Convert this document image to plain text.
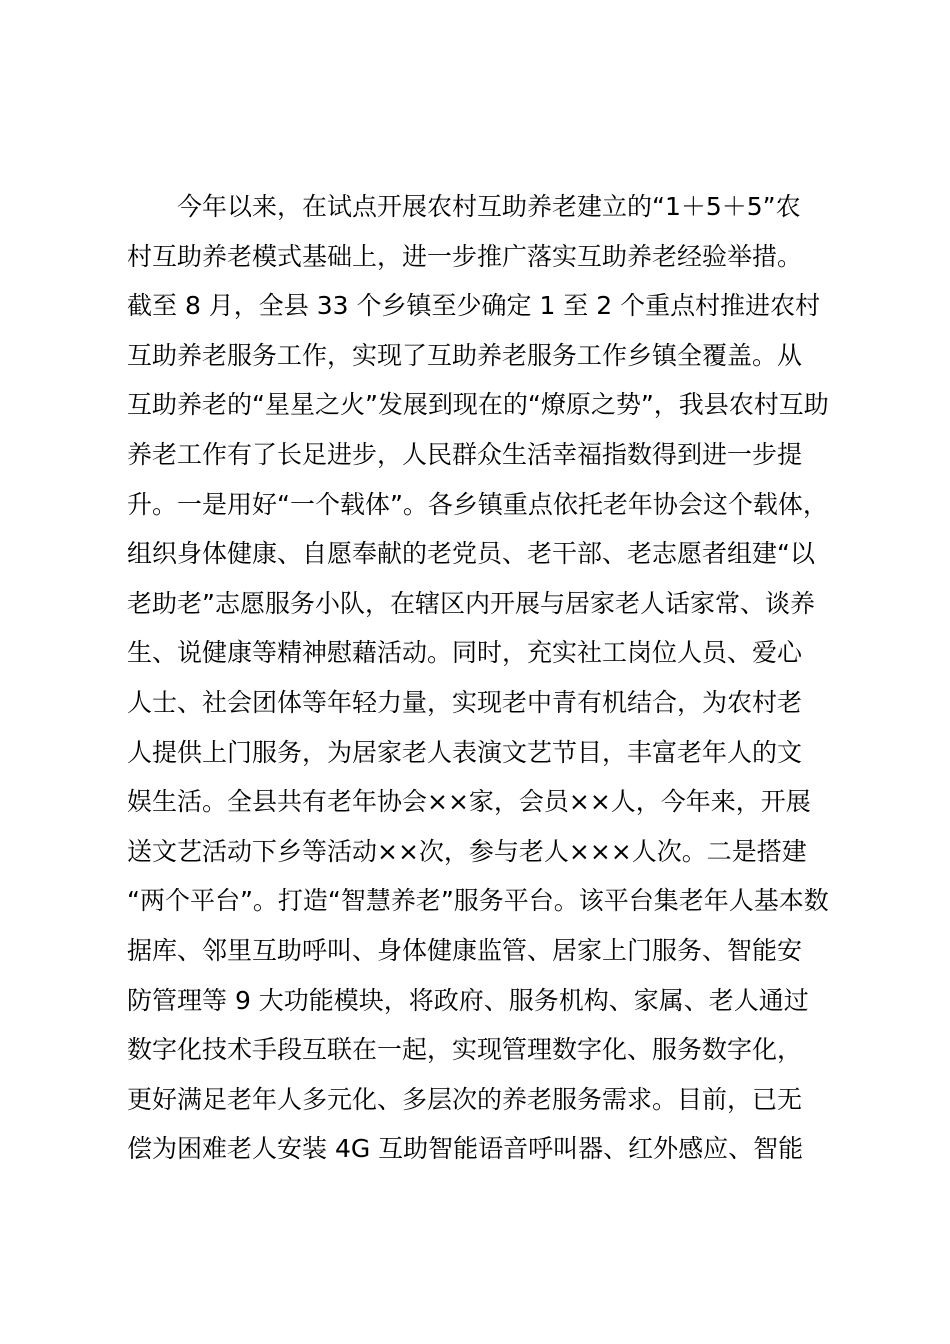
今年以来，在试点开展农村互助养老建立的“1＋5＋5”农
村互助养老模式基础上，进一步推广落实互助养老经验举措。
截至 8 月，全县 33 个乡镇至少确定 1 至 2 个重点村推进农村
互助养老服务工作，实现了互助养老服务工作乡镇全覆盖。从
互助养老的“星星之火”发展到现在的“燎原之势”，我县农村互助
养老工作有了长足进步，人民群众生活幸福指数得到进一步提
升。一是用好“一个载体”。各乡镇重点依托老年协会这个载体，
组织身体健康、自愿奉献的老党员、老干部、老志愿者组建“以
老助老”志愿服务小队，在辖区内开展与居家老人话家常、谈养
生、说健康等精神慰藉活动。同时，充实社工岗位人员、爱心
人士、社会团体等年轻力量，实现老中青有机结合，为农村老
人提供上门服务，为居家老人表演文艺节目，丰富老年人的文
娱生活。全县共有老年协会××家，会员××人，今年来，开展
送文艺活动下乡等活动××次，参与老人×××人次。二是搭建
“两个平台”。打造“智慧养老”服务平台。该平台集老年人基本数
据库、邻里互助呼叫、身体健康监管、居家上门服务、智能安
防管理等 9 大功能模块，将政府、服务机构、家属、老人通过
数字化技术手段互联在一起，实现管理数字化、服务数字化，
更好满足老年人多元化、多层次的养老服务需求。目前，已无
偿为困难老人安装 4G 互助智能语音呼叫器、红外感应、智能
